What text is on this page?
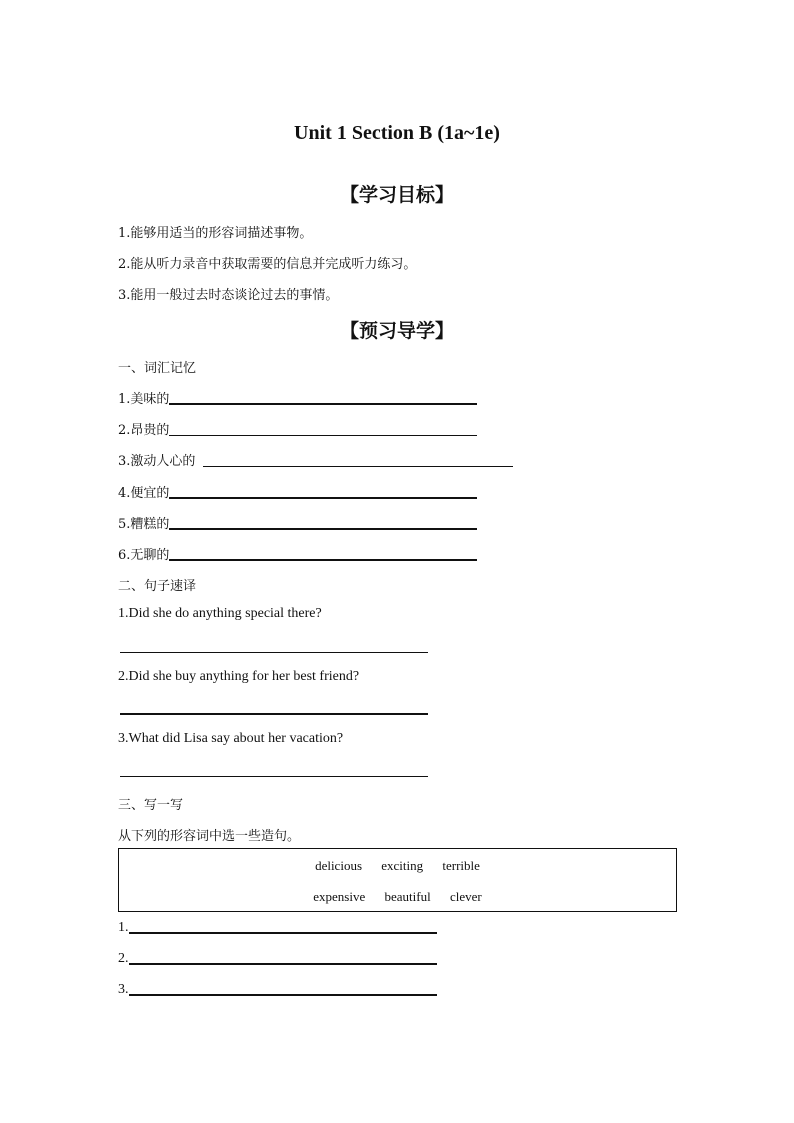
Unit 1 Section B (1a~1e)
【学习目标】
1.能够用适当的形容词描述事物。
2.能从听力录音中获取需要的信息并完成听力练习。
3.能用一般过去时态谈论过去的事情。
【预习导学】
一、词汇记忆
1.美味的
2.昂贵的
3.激动人心的
4.便宜的
5.糟糕的
6.无聊的
二、句子速译
1.Did she do anything special there?
2.Did she buy anything for her best friend?
3.What did Lisa say about her vacation?
三、写一写
从下列的形容词中选一些造句。
delicious exciting terrible
expensive beautiful clever
1.
2.
3.
